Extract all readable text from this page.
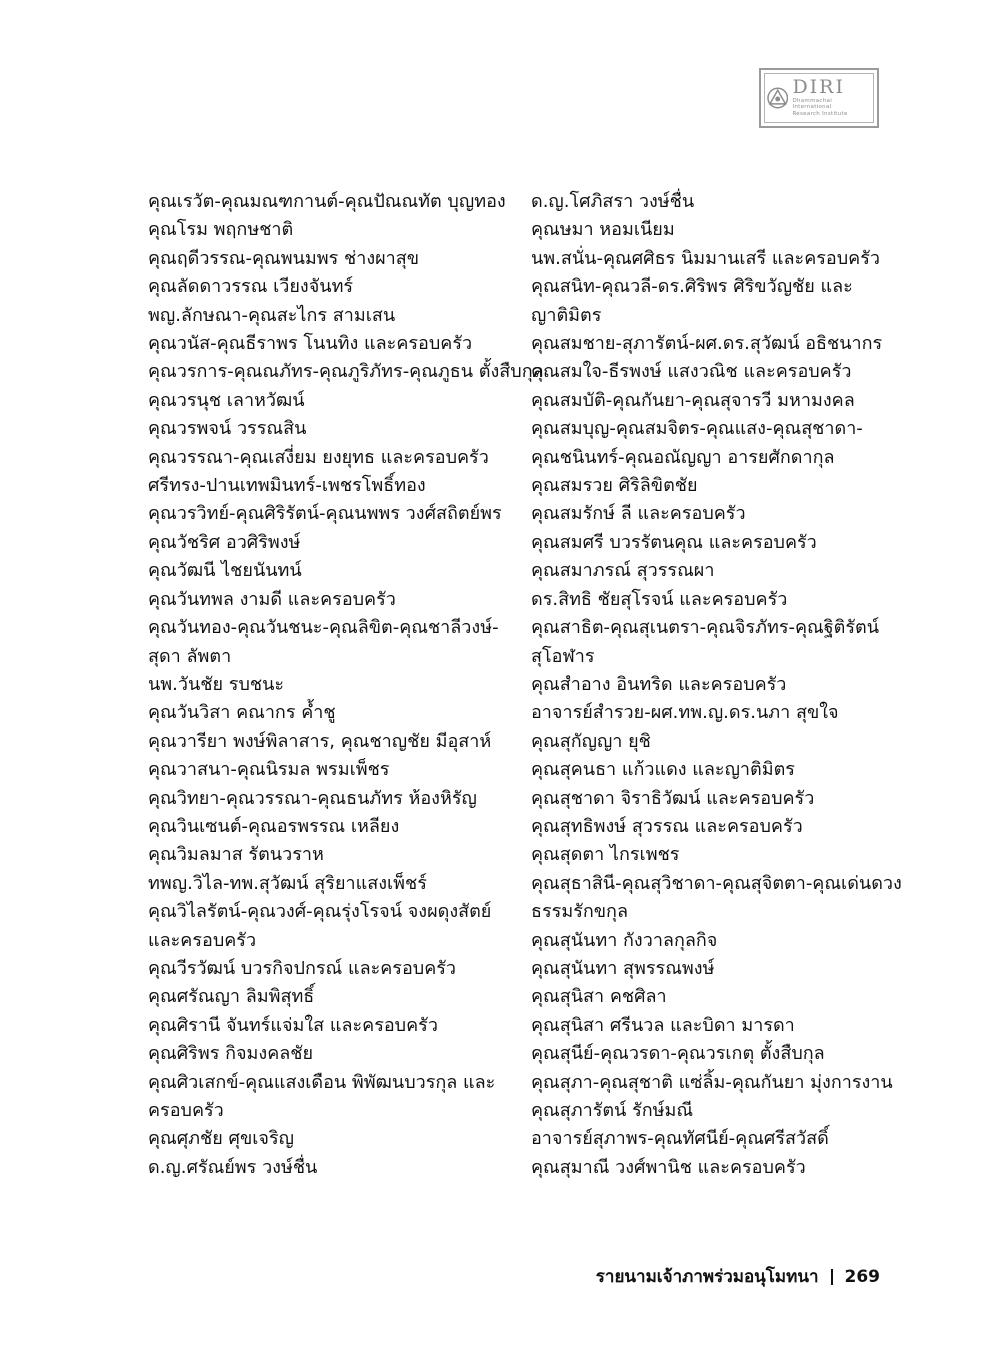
DIRI
Dhammachai International
Research Institute
คุณเรวัต-คุณมณฑกานต์-คุณปัณณทัต บุญทอง
คุณโรม พฤกษชาติ
คุณฤดีวรรณ-คุณพนมพร ช่างผาสุข
คุณลัดดาวรรณ เวียงจันทร์
พญ.ลักษณา-คุณสะไกร สามเสน
คุณวนัส-คุณธีราพร โนนทิง และครอบครัว
คุณวรการ-คุณณภัทร-คุณภูริภัทร-คุณภูธน ตั้งสืบกุล
คุณวรนุช เลาหวัฒน์
คุณวรพจน์ วรรณสิน
คุณวรรณา-คุณเสงี่ยม ยงยุทธ และครอบครัว
ศรีทรง-ปานเทพมินทร์-เพชรโพธิ์ทอง
คุณวรวิทย์-คุณศิริรัตน์-คุณนพพร วงศ์สถิตย์พร
คุณวัชริศ อวศิริพงษ์
คุณวัฒนี ไชยนันทน์
คุณวันทพล งามดี และครอบครัว
คุณวันทอง-คุณวันชนะ-คุณลิขิต-คุณชาลีวงษ์-
สุดา ลัพตา
นพ.วันชัย รบชนะ
คุณวันวิสา คณากร ค้ำชู
คุณวารียา พงษ์พิลาสาร, คุณชาญชัย มีอุสาห์
คุณวาสนา-คุณนิรมล พรมเพ็ชร
คุณวิทยา-คุณวรรณา-คุณธนภัทร ห้องหิรัญ
คุณวินเซนต์-คุณอรพรรณ เหลียง
คุณวิมลมาส รัตนวราห
ทพญ.วิไล-ทพ.สุวัฒน์ สุริยาแสงเพ็ชร์
คุณวิไลรัตน์-คุณวงศ์-คุณรุ่งโรจน์ จงผดุงสัตย์
และครอบครัว
คุณวีรวัฒน์ บวรกิจปกรณ์ และครอบครัว
คุณศรัณญา ลิมพิสุทธิ์
คุณศิรานี จันทร์แจ่มใส และครอบครัว
คุณศิริพร กิจมงคลชัย
คุณศิวเสกข์-คุณแสงเดือน พิพัฒนบวรกุล และ
ครอบครัว
คุณศุภชัย ศุขเจริญ
ด.ญ.ศรัณย์พร วงษ์ชื่น
ด.ญ.โศภิสรา วงษ์ชื่น
คุณษมา หอมเนียม
นพ.สนั่น-คุณศศิธร นิมมานเสรี และครอบครัว
คุณสนิท-คุณวลี-ดร.ศิริพร ศิริขวัญชัย และ
ญาติมิตร
คุณสมชาย-สุภารัตน์-ผศ.ดร.สุวัฒน์ อธิชนากร
คุณสมใจ-ธีรพงษ์ แสงวณิช และครอบครัว
คุณสมบัติ-คุณกันยา-คุณสุจารวี มหามงคล
คุณสมบุญ-คุณสมจิตร-คุณแสง-คุณสุชาดา-
คุณชนินทร์-คุณอณัญญา อารยศักดากุล
คุณสมรวย ศิริลิขิตชัย
คุณสมรักษ์ ลี และครอบครัว
คุณสมศรี บวรรัตนคุณ และครอบครัว
คุณสมาภรณ์ สุวรรณผา
ดร.สิทธิ ชัยสุโรจน์ และครอบครัว
คุณสาธิต-คุณสุเนตรา-คุณจิรภัทร-คุณฐิติรัตน์
สุโอฬาร
คุณสำอาง อินทริด และครอบครัว
อาจารย์สำรวย-ผศ.ทพ.ญ.ดร.นภา สุขใจ
คุณสุกัญญา ยุชิ
คุณสุคนธา แก้วแดง และญาติมิตร
คุณสุชาดา จิราธิวัฒน์ และครอบครัว
คุณสุทธิพงษ์ สุวรรณ และครอบครัว
คุณสุดตา ไกรเพชร
คุณสุธาสินี-คุณสุวิชาดา-คุณสุจิตตา-คุณเด่นดวง
ธรรมรักขกุล
คุณสุนันทา กังวาลกุลกิจ
คุณสุนันทา สุพรรณพงษ์
คุณสุนิสา คชศิลา
คุณสุนิสา ศรีนวล และบิดา มารดา
คุณสุนีย์-คุณวรดา-คุณวรเกตุ ตั้งสืบกุล
คุณสุภา-คุณสุชาติ แซ่ลิ้ม-คุณกันยา มุ่งการงาน
คุณสุภารัตน์ รักษ์มณี
อาจารย์สุภาพร-คุณทัศนีย์-คุณศรีสวัสดิ์
คุณสุมาณี วงศ์พานิช และครอบครัว
รายนามเจ้าภาพร่วมอนุโมทนา 269
